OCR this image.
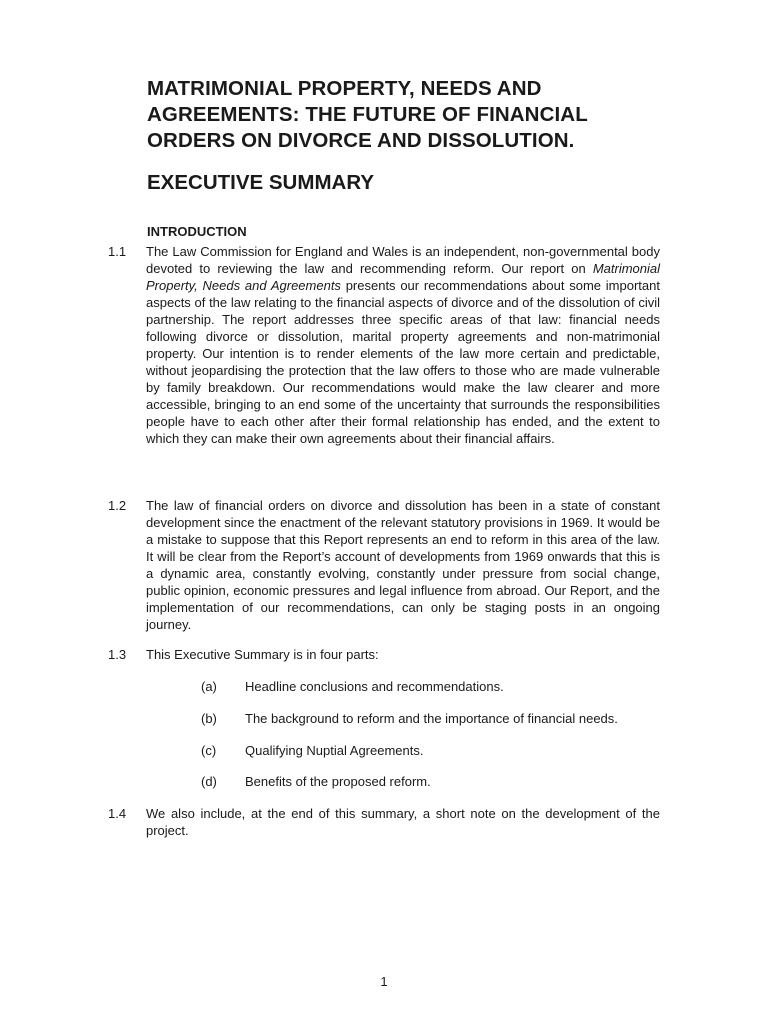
MATRIMONIAL PROPERTY, NEEDS AND AGREEMENTS: THE FUTURE OF FINANCIAL ORDERS ON DIVORCE AND DISSOLUTION.
EXECUTIVE SUMMARY
INTRODUCTION
1.1	The Law Commission for England and Wales is an independent, non-governmental body devoted to reviewing the law and recommending reform. Our report on Matrimonial Property, Needs and Agreements presents our recommendations about some important aspects of the law relating to the financial aspects of divorce and of the dissolution of civil partnership. The report addresses three specific areas of that law: financial needs following divorce or dissolution, marital property agreements and non-matrimonial property. Our intention is to render elements of the law more certain and predictable, without jeopardising the protection that the law offers to those who are made vulnerable by family breakdown. Our recommendations would make the law clearer and more accessible, bringing to an end some of the uncertainty that surrounds the responsibilities people have to each other after their formal relationship has ended, and the extent to which they can make their own agreements about their financial affairs.
1.2	The law of financial orders on divorce and dissolution has been in a state of constant development since the enactment of the relevant statutory provisions in 1969. It would be a mistake to suppose that this Report represents an end to reform in this area of the law. It will be clear from the Report’s account of developments from 1969 onwards that this is a dynamic area, constantly evolving, constantly under pressure from social change, public opinion, economic pressures and legal influence from abroad. Our Report, and the implementation of our recommendations, can only be staging posts in an ongoing journey.
1.3	This Executive Summary is in four parts:
(a) Headline conclusions and recommendations.
(b) The background to reform and the importance of financial needs.
(c) Qualifying Nuptial Agreements.
(d) Benefits of the proposed reform.
1.4	We also include, at the end of this summary, a short note on the development of the project.
1
